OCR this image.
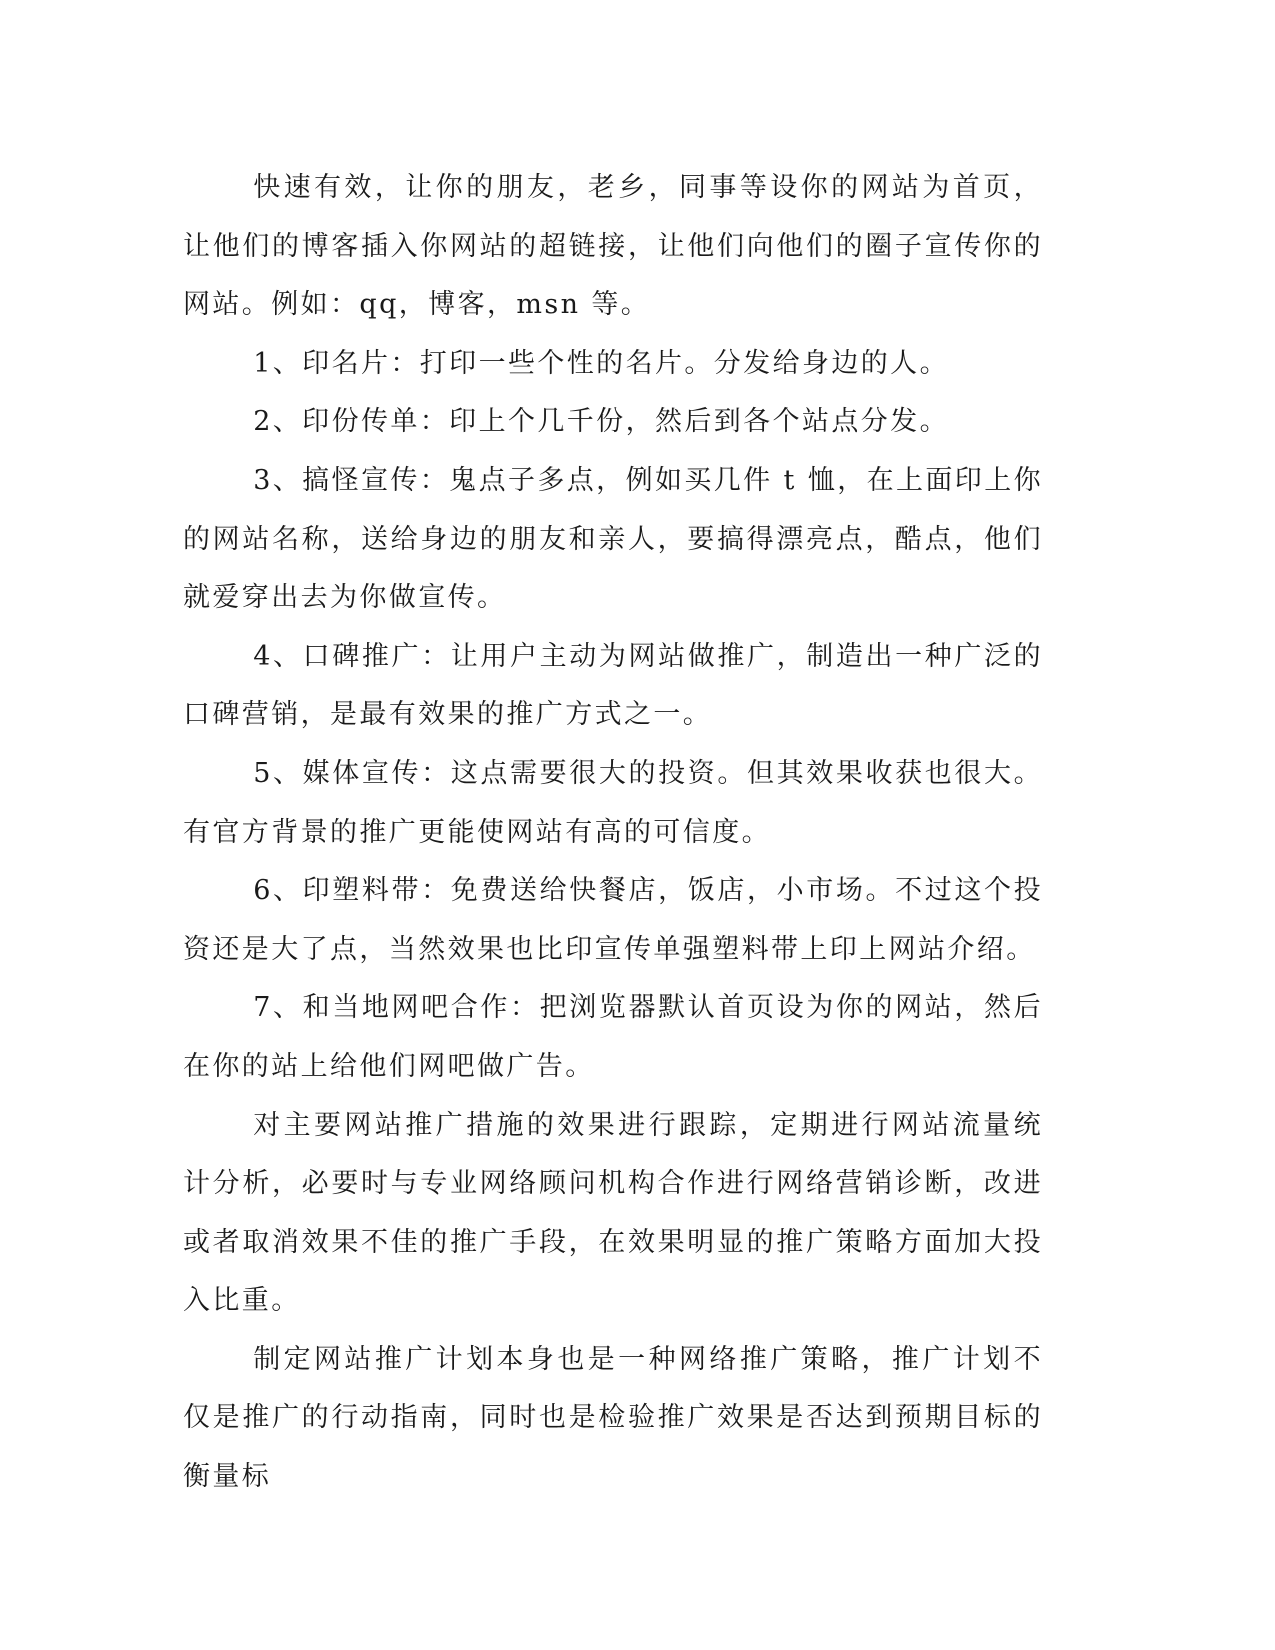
快速有效，让你的朋友，老乡，同事等设你的网站为首页，让他们的博客插入你网站的超链接，让他们向他们的圈子宣传你的网站。例如：qq，博客，msn 等。

1、印名片：打印一些个性的名片。分发给身边的人。

2、印份传单：印上个几千份，然后到各个站点分发。

3、搞怪宣传：鬼点子多点，例如买几件 t 恤，在上面印上你的网站名称，送给身边的朋友和亲人，要搞得漂亮点，酷点，他们就爱穿出去为你做宣传。

4、口碑推广：让用户主动为网站做推广，制造出一种广泛的口碑营销，是最有效果的推广方式之一。

5、媒体宣传：这点需要很大的投资。但其效果收获也很大。有官方背景的推广更能使网站有高的可信度。

6、印塑料带：免费送给快餐店，饭店，小市场。不过这个投资还是大了点，当然效果也比印宣传单强塑料带上印上网站介绍。

7、和当地网吧合作：把浏览器默认首页设为你的网站，然后在你的站上给他们网吧做广告。

对主要网站推广措施的效果进行跟踪，定期进行网站流量统计分析，必要时与专业网络顾问机构合作进行网络营销诊断，改进或者取消效果不佳的推广手段，在效果明显的推广策略方面加大投入比重。

制定网站推广计划本身也是一种网络推广策略，推广计划不仅是推广的行动指南，同时也是检验推广效果是否达到预期目标的衡量标
